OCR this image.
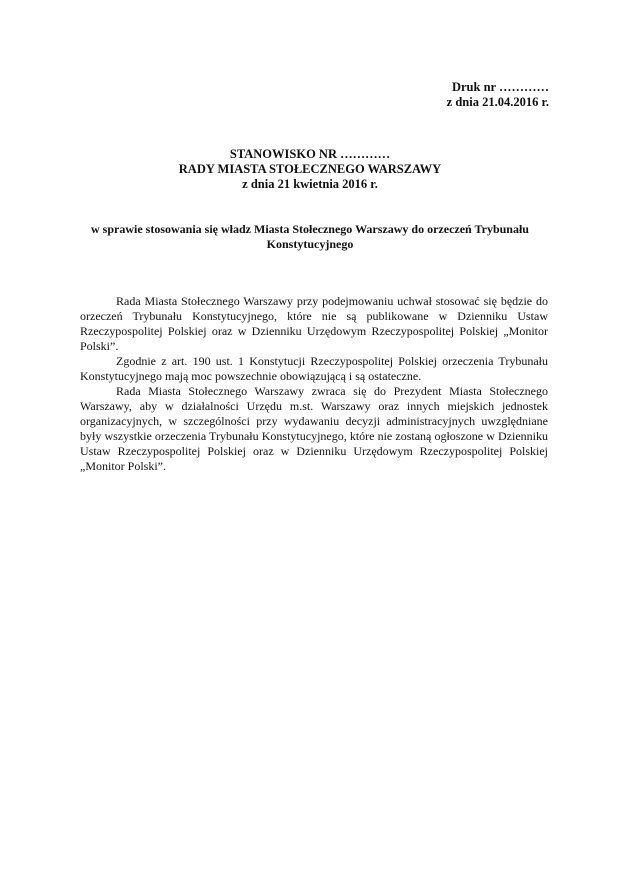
Druk nr …………
z dnia 21.04.2016 r.
STANOWISKO NR …………
RADY MIASTA STOŁECZNEGO WARSZAWY
z dnia 21 kwietnia 2016 r.
w sprawie stosowania się władz Miasta Stołecznego Warszawy do orzeczeń Trybunału Konstytucyjnego

Rada Miasta Stołecznego Warszawy przy podejmowaniu uchwał stosować się będzie do orzeczeń Trybunału Konstytucyjnego, które nie są publikowane w Dzienniku Ustaw Rzeczypospolitej Polskiej oraz w Dzienniku Urzędowym Rzeczypospolitej Polskiej „Monitor Polski”.

Zgodnie z art. 190 ust. 1 Konstytucji Rzeczypospolitej Polskiej orzeczenia Trybunału Konstytucyjnego mają moc powszechnie obowiązującą i są ostateczne.

Rada Miasta Stołecznego Warszawy zwraca się do Prezydent Miasta Stołecznego Warszawy, aby w działalności Urzędu m.st. Warszawy oraz innych miejskich jednostek organizacyjnych, w szczególności przy wydawaniu decyzji administracyjnych uwzględniane były wszystkie orzeczenia Trybunału Konstytucyjnego, które nie zostaną ogłoszone w Dzienniku Ustaw Rzeczypospolitej Polskiej oraz w Dzienniku Urzędowym Rzeczypospolitej Polskiej „Monitor Polski”.
